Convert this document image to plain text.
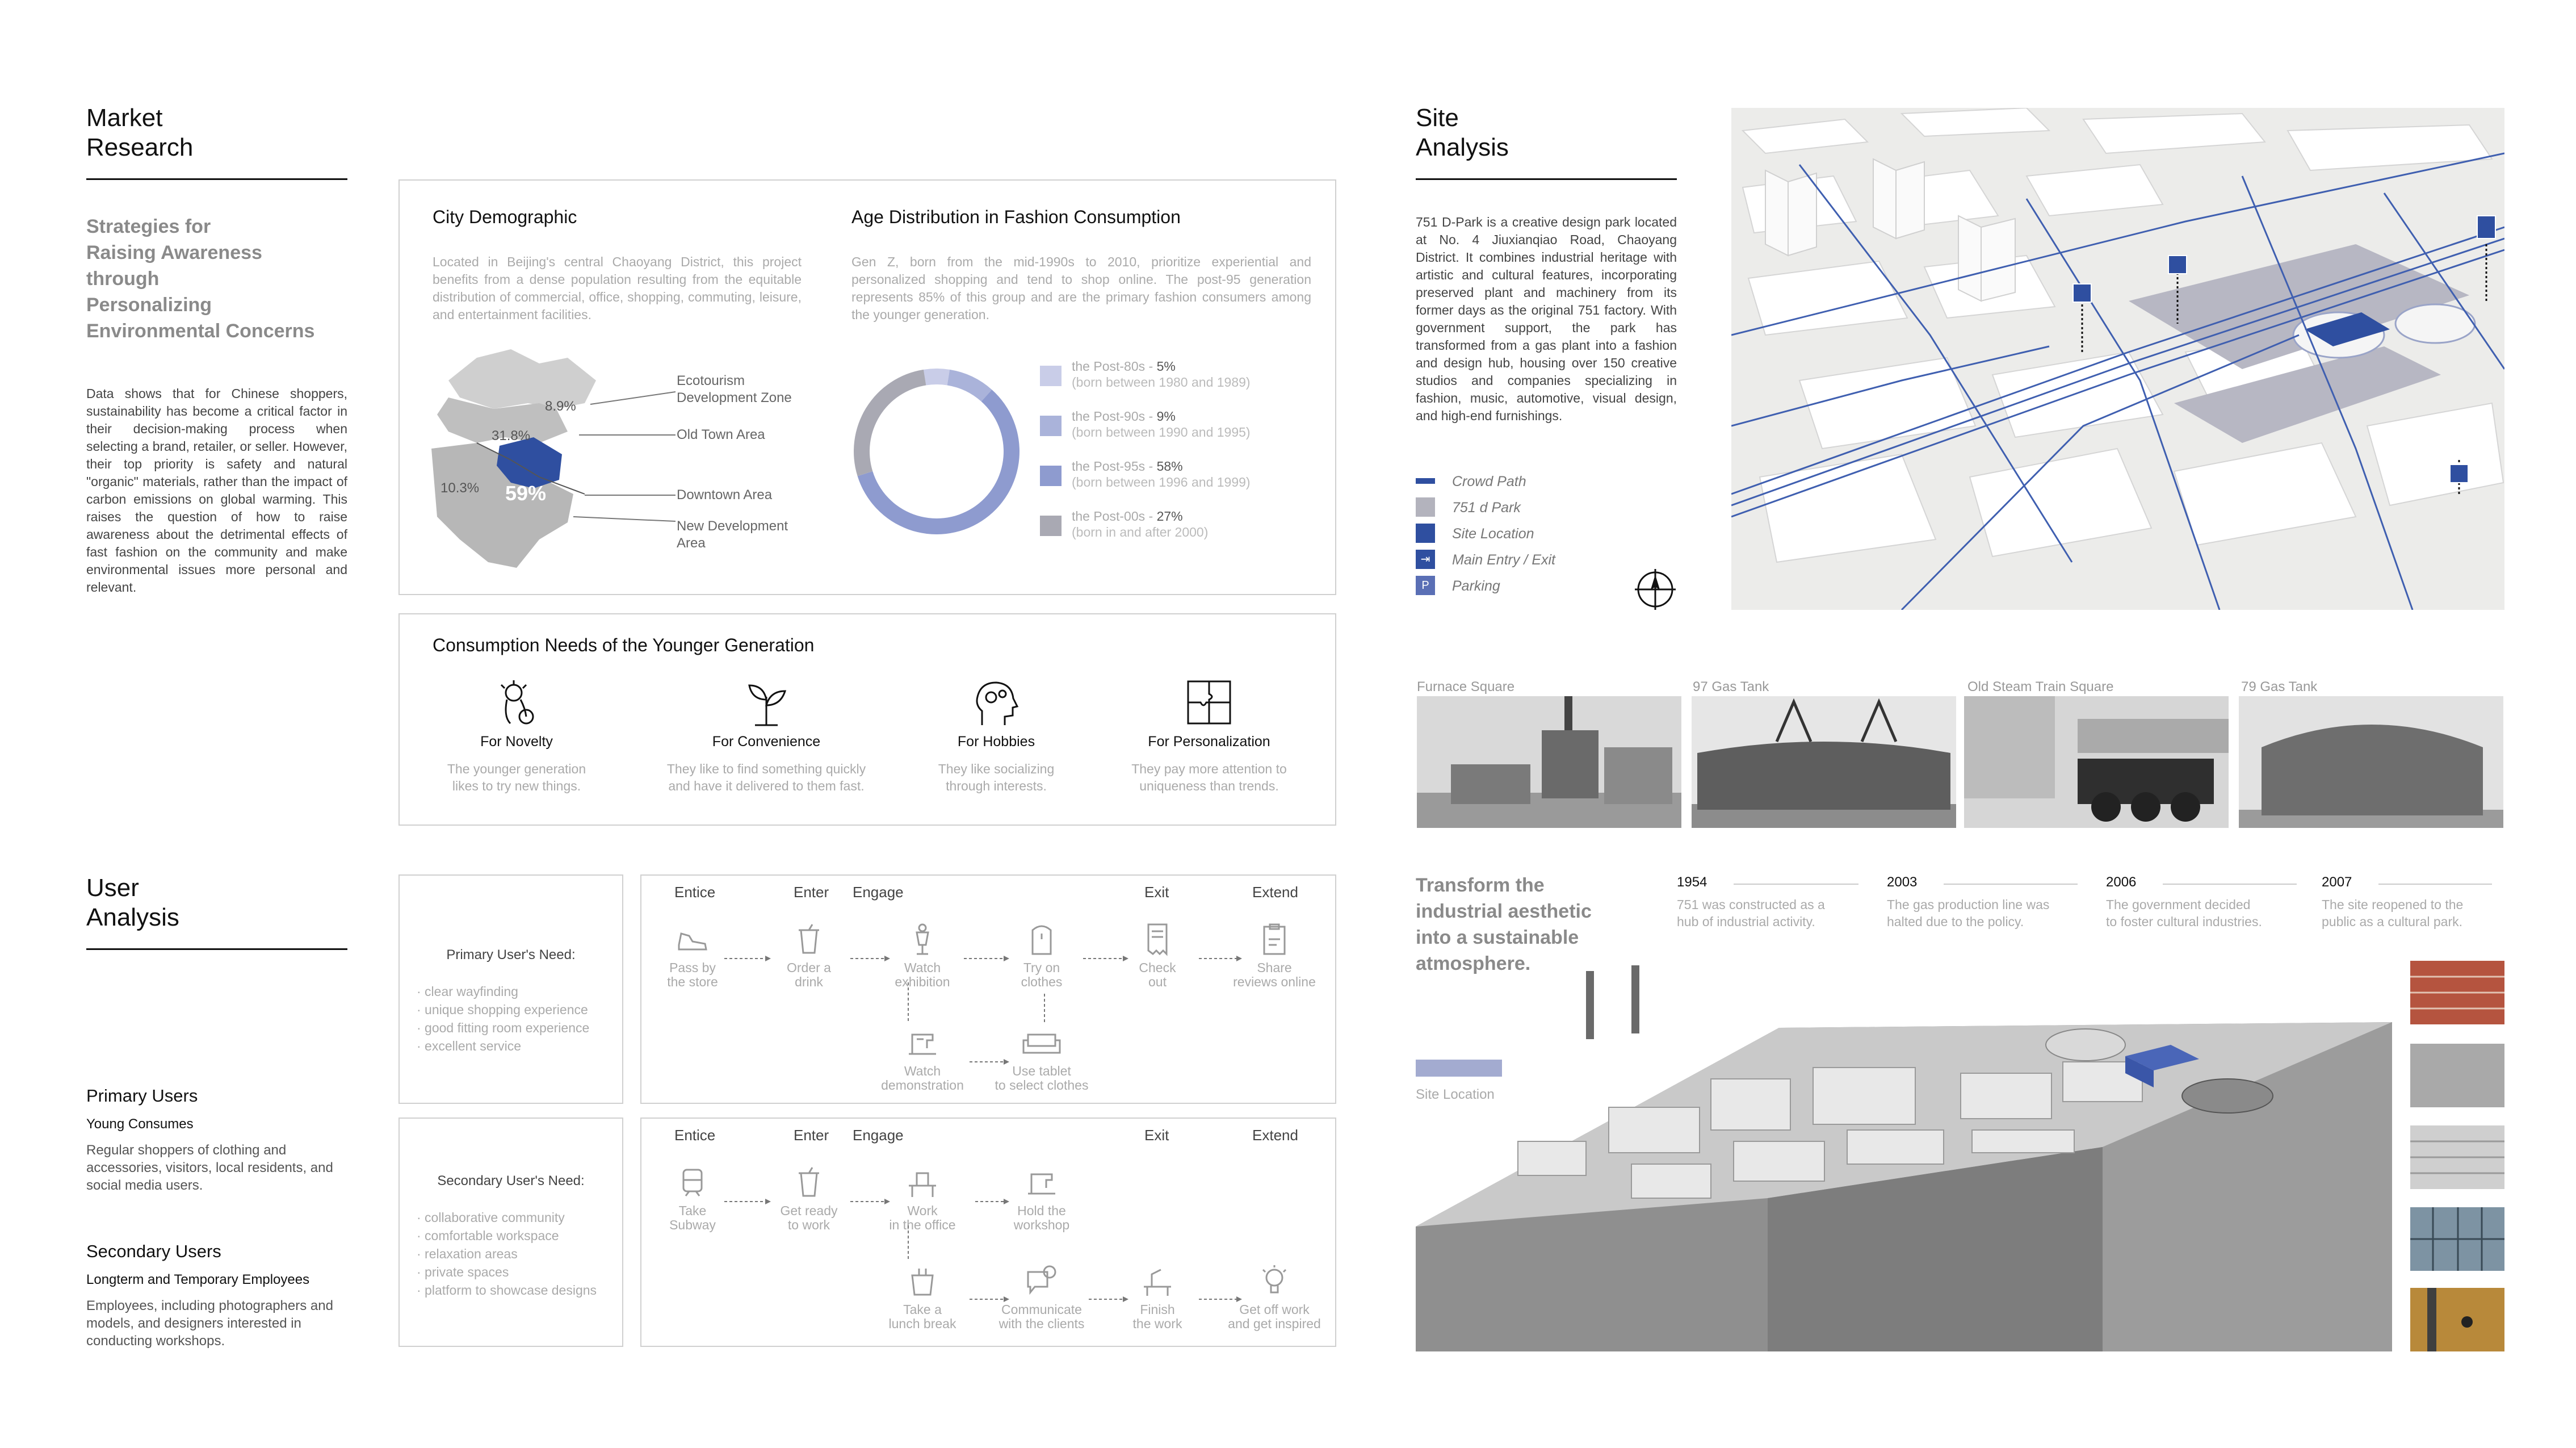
Market
Research
Strategies for
Raising Awareness
through
Personalizing
Environmental Concerns
Data shows that for Chinese shoppers, sustainability has become a critical factor in their decision-making process when selecting a brand, retailer, or seller. However, their top priority is safety and natural "organic" materials, rather than the impact of carbon emissions on global warming. This raises the question of how to raise awareness about the detrimental effects of fast fashion on the community and make environmental issues more personal and relevant.
City Demographic
Located in Beijing's central Chaoyang District, this project benefits from a dense population resulting from the equitable distribution of commercial, office, shopping, commuting, leisure, and entertainment facilities.
8.9%
31.8%
10.3% 59%
Ecotourism Development Zone
Old Town Area
Downtown Area
New Development Area
Age Distribution in Fashion Consumption
Gen Z, born from the mid-1990s to 2010, prioritize experiential and personalized shopping and tend to shop online. The post-95 generation represents 85% of this group and are the primary fashion consumers among the younger generation.
the Post-80s - 5%
(born between 1980 and 1989)
the Post-90s - 9%
(born between 1990 and 1995)
the Post-95s - 58%
(born between 1996 and 1999)
the Post-00s - 27%
(born in and after 2000)
Consumption Needs of the Younger Generation
For Novelty
The younger generation
likes to try new things.
For Convenience
They like to find something quickly
and have it delivered to them fast.
For Hobbies
They like socializing
through interests.
For Personalization
They pay more attention to
uniqueness than trends.
User
Analysis
Primary Users
Young Consumes
Regular shoppers of clothing and accessories, visitors, local residents, and social media users.
Secondary Users
Longterm and Temporary Employees
Employees, including photographers and models, and designers interested in conducting workshops.
Primary User's Need:
· clear wayfinding
· unique shopping experience
· good fitting room experience
· excellent service
Secondary User's Need:
· collaborative community
· comfortable workspace
· relaxation areas
· private spaces
· platform to showcase designs
Entice	Enter Engage	Exit	Extend
Pass by
the store
Order a
drink
Watch
exhibition
Try on
clothes
Check
out
Share
reviews online
Watch
demonstration
Use tablet
to select clothes
Entice	Enter Engage	Exit	Extend
Take
Subway
Get ready
to work
Work
in the office
Hold the
workshop
Take a
lunch break
Communicate
with the clients
Finish
the work
Get off work
and get inspired
Site
Analysis
751 D-Park is a creative design park located at No. 4 Jiuxianqiao Road, Chaoyang District. It combines industrial heritage with artistic and cultural features, incorporating preserved plant and machinery from its former days as the original 751 factory. With government support, the park has transformed from a gas plant into a fashion and design hub, housing over 150 creative studios and companies specializing in fashion, music, automotive, visual design, and high-end furnishings.
Crowd Path
751 d Park
Site Location
⇥	Main Entry / Exit
P	Parking
Furnace Square	97 Gas Tank	Old Steam Train Square	79 Gas Tank
Transform the
industrial aesthetic
into a sustainable
atmosphere.
Site Location
1954
751 was constructed as a
hub of industrial activity.
2003
The gas production line was
halted due to the policy.
2006
The government decided
to foster cultural industries.
2007
The site reopened to the
public as a cultural park.
